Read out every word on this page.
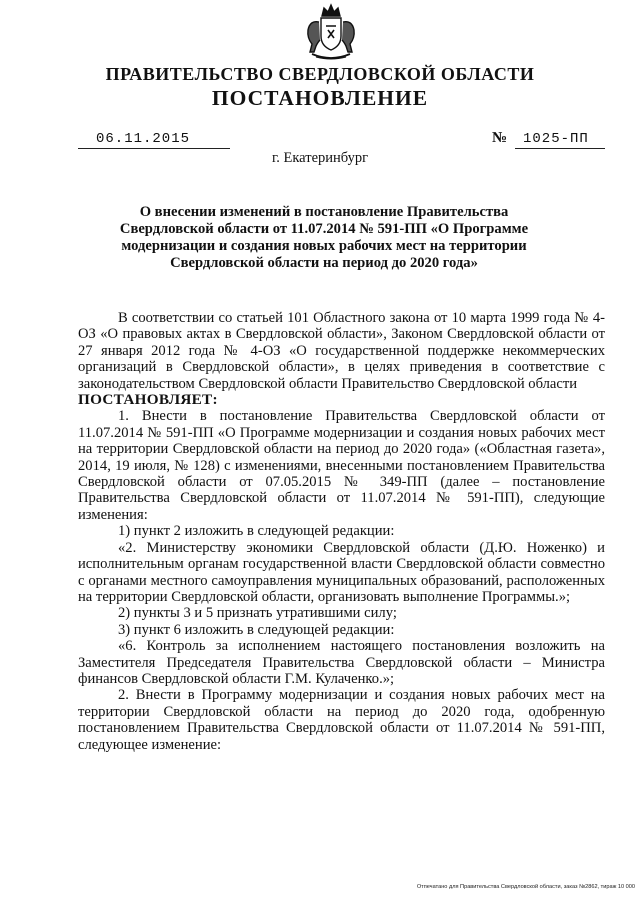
ПРАВИТЕЛЬСТВО СВЕРДЛОВСКОЙ ОБЛАСТИ
ПОСТАНОВЛЕНИЕ
06.11.2015	№	1025-ПП
г. Екатеринбург
О внесении изменений в постановление Правительства Свердловской области от 11.07.2014 № 591-ПП «О Программе модернизации и создания новых рабочих мест на территории Свердловской области на период до 2020 года»

В соответствии со статьей 101 Областного закона от 10 марта 1999 года № 4-ОЗ «О правовых актах в Свердловской области», Законом Свердловской области от 27 января 2012 года № 4-ОЗ «О государственной поддержке некоммерческих организаций в Свердловской области», в целях приведения в соответствие с законодательством Свердловской области Правительство Свердловской области

ПОСТАНОВЛЯЕТ:

1. Внести в постановление Правительства Свердловской области от 11.07.2014 № 591-ПП «О Программе модернизации и создания новых рабочих мест на территории Свердловской области на период до 2020 года» («Областная газета», 2014, 19 июля, № 128) с изменениями, внесенными постановлением Правительства Свердловской области от 07.05.2015 № 349-ПП (далее – постановление Правительства Свердловской области от 11.07.2014 № 591-ПП), следующие изменения:

1) пункт 2 изложить в следующей редакции:

«2. Министерству экономики Свердловской области (Д.Ю. Ноженко) и исполнительным органам государственной власти Свердловской области совместно с органами местного самоуправления муниципальных образований, расположенных на территории Свердловской области, организовать выполнение Программы.»;

2) пункты 3 и 5 признать утратившими силу;

3) пункт 6 изложить в следующей редакции:

«6. Контроль за исполнением настоящего постановления возложить на Заместителя Председателя Правительства Свердловской области – Министра финансов Свердловской области Г.М. Кулаченко.»;

2. Внести в Программу модернизации и создания новых рабочих мест на территории Свердловской области на период до 2020 года, одобренную постановлением Правительства Свердловской области от 11.07.2014 № 591-ПП, следующее изменение:

Отпечатано для Правительства Свердловской области, заказ №2862, тираж 10 000
